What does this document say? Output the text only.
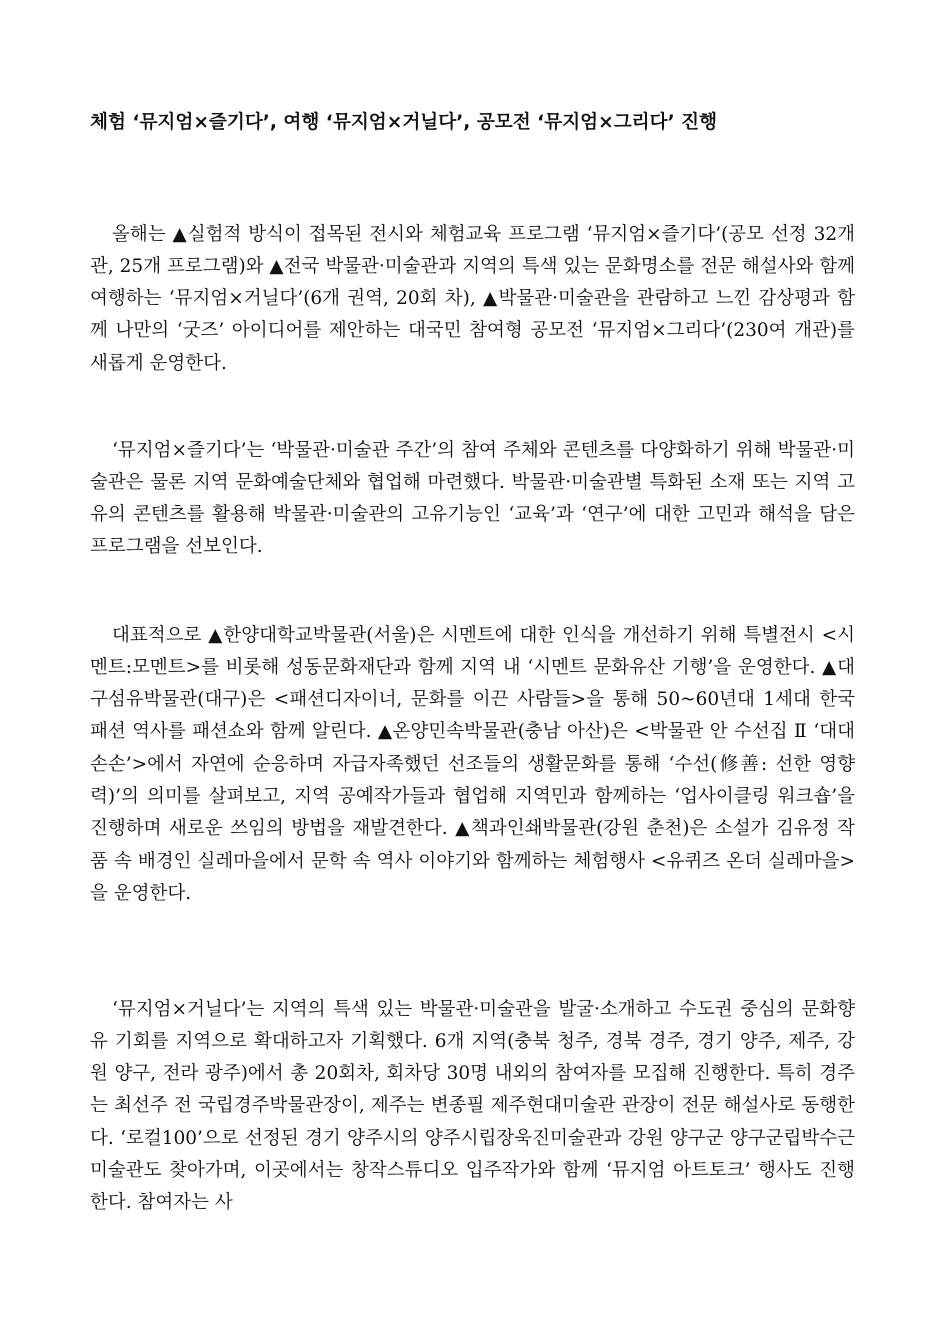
체험 ‘뮤지엄×즐기다’, 여행 ‘뮤지엄×거닐다’, 공모전 ‘뮤지엄×그리다’ 진행

올해는 ▲실험적 방식이 접목된 전시와 체험교육 프로그램 ‘뮤지엄×즐기다’(공모 선정 32개관, 25개 프로그램)와 ▲전국 박물관·미술관과 지역의 특색 있는 문화명소를 전문 해설사와 함께 여행하는 ‘뮤지엄×거닐다’(6개 권역, 20회 차), ▲박물관·미술관을 관람하고 느낀 감상평과 함께 나만의 ‘굿즈’ 아이디어를 제안하는 대국민 참여형 공모전 ‘뮤지엄×그리다’(230여 개관)를 새롭게 운영한다.

‘뮤지엄×즐기다’는 ‘박물관·미술관 주간’의 참여 주체와 콘텐츠를 다양화하기 위해 박물관·미술관은 물론 지역 문화예술단체와 협업해 마련했다. 박물관·미술관별 특화된 소재 또는 지역 고유의 콘텐츠를 활용해 박물관·미술관의 고유기능인 ‘교육’과 ‘연구’에 대한 고민과 해석을 담은 프로그램을 선보인다.

대표적으로 ▲한양대학교박물관(서울)은 시멘트에 대한 인식을 개선하기 위해 특별전시 <시멘트:모멘트>를 비롯해 성동문화재단과 함께 지역 내 ‘시멘트 문화유산 기행’을 운영한다. ▲대구섬유박물관(대구)은 <패션디자이너, 문화를 이끈 사람들>을 통해 50~60년대 1세대 한국 패션 역사를 패션쇼와 함께 알린다. ▲온양민속박물관(충남 아산)은 <박물관 안 수선집 Ⅱ ‘대대손손’>에서 자연에 순응하며 자급자족했던 선조들의 생활문화를 통해 ‘수선(修善: 선한 영향력)’의 의미를 살펴보고, 지역 공예작가들과 협업해 지역민과 함께하는 ‘업사이클링 워크숍’을 진행하며 새로운 쓰임의 방법을 재발견한다. ▲책과인쇄박물관(강원 춘천)은 소설가 김유정 작품 속 배경인 실레마을에서 문학 속 역사 이야기와 함께하는 체험행사 <유퀴즈 온더 실레마을>을 운영한다.

‘뮤지엄×거닐다’는 지역의 특색 있는 박물관·미술관을 발굴·소개하고 수도권 중심의 문화향유 기회를 지역으로 확대하고자 기획했다. 6개 지역(충북 청주, 경북 경주, 경기 양주, 제주, 강원 양구, 전라 광주)에서 총 20회차, 회차당 30명 내외의 참여자를 모집해 진행한다. 특히 경주는 최선주 전 국립경주박물관장이, 제주는 변종필 제주현대미술관 관장이 전문 해설사로 동행한다. ‘로컬100’으로 선정된 경기 양주시의 양주시립장욱진미술관과 강원 양구군 양구군립박수근미술관도 찾아가며, 이곳에서는 창작스튜디오 입주작가와 함께 ‘뮤지엄 아트토크’ 행사도 진행한다. 참여자는 사
